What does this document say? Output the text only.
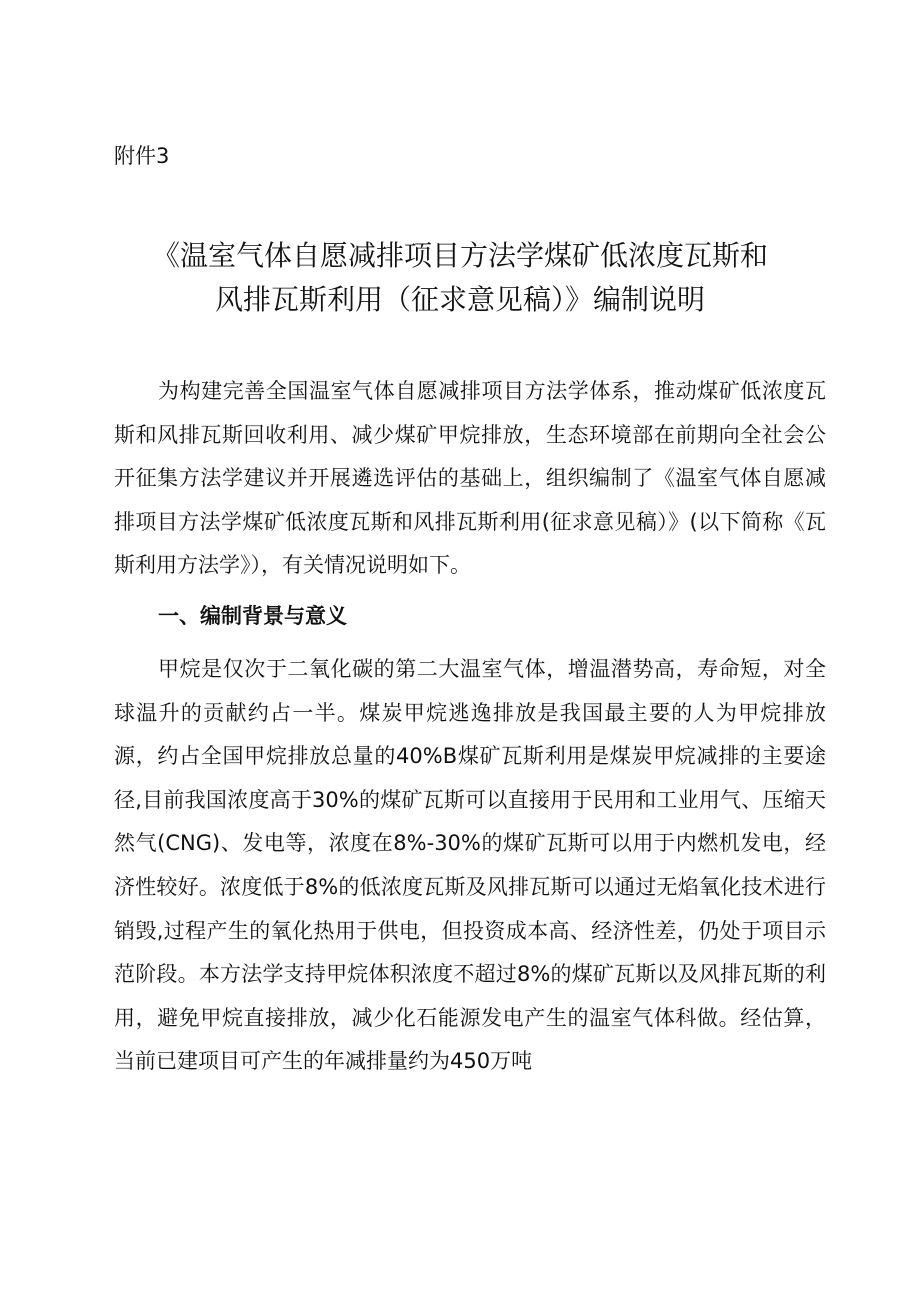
附件3
《温室气体自愿减排项目方法学煤矿低浓度瓦斯和
风排瓦斯利用（征求意见稿）》编制说明

为构建完善全国温室气体自愿减排项目方法学体系，推动煤矿低浓度瓦斯和风排瓦斯回收利用、减少煤矿甲烷排放，生态环境部在前期向全社会公开征集方法学建议并开展遴选评估的基础上，组织编制了《温室气体自愿减排项目方法学煤矿低浓度瓦斯和风排瓦斯利用(征求意见稿）》(以下简称《瓦斯利用方法学》），有关情况说明如下。

一、编制背景与意义

甲烷是仅次于二氧化碳的第二大温室气体，增温潜势高，寿命短，对全球温升的贡献约占一半。煤炭甲烷逃逸排放是我国最主要的人为甲烷排放源，约占全国甲烷排放总量的40%B煤矿瓦斯利用是煤炭甲烷减排的主要途径,目前我国浓度高于30%的煤矿瓦斯可以直接用于民用和工业用气、压缩天然气(CNG)、发电等，浓度在8%-30%的煤矿瓦斯可以用于内燃机发电，经济性较好。浓度低于8%的低浓度瓦斯及风排瓦斯可以通过无焰氧化技术进行销毁,过程产生的氧化热用于供电，但投资成本高、经济性差，仍处于项目示范阶段。本方法学支持甲烷体积浓度不超过8%的煤矿瓦斯以及风排瓦斯的利用，避免甲烷直接排放，减少化石能源发电产生的温室气体科做。经估算，当前已建项目可产生的年减排量约为450万吨
